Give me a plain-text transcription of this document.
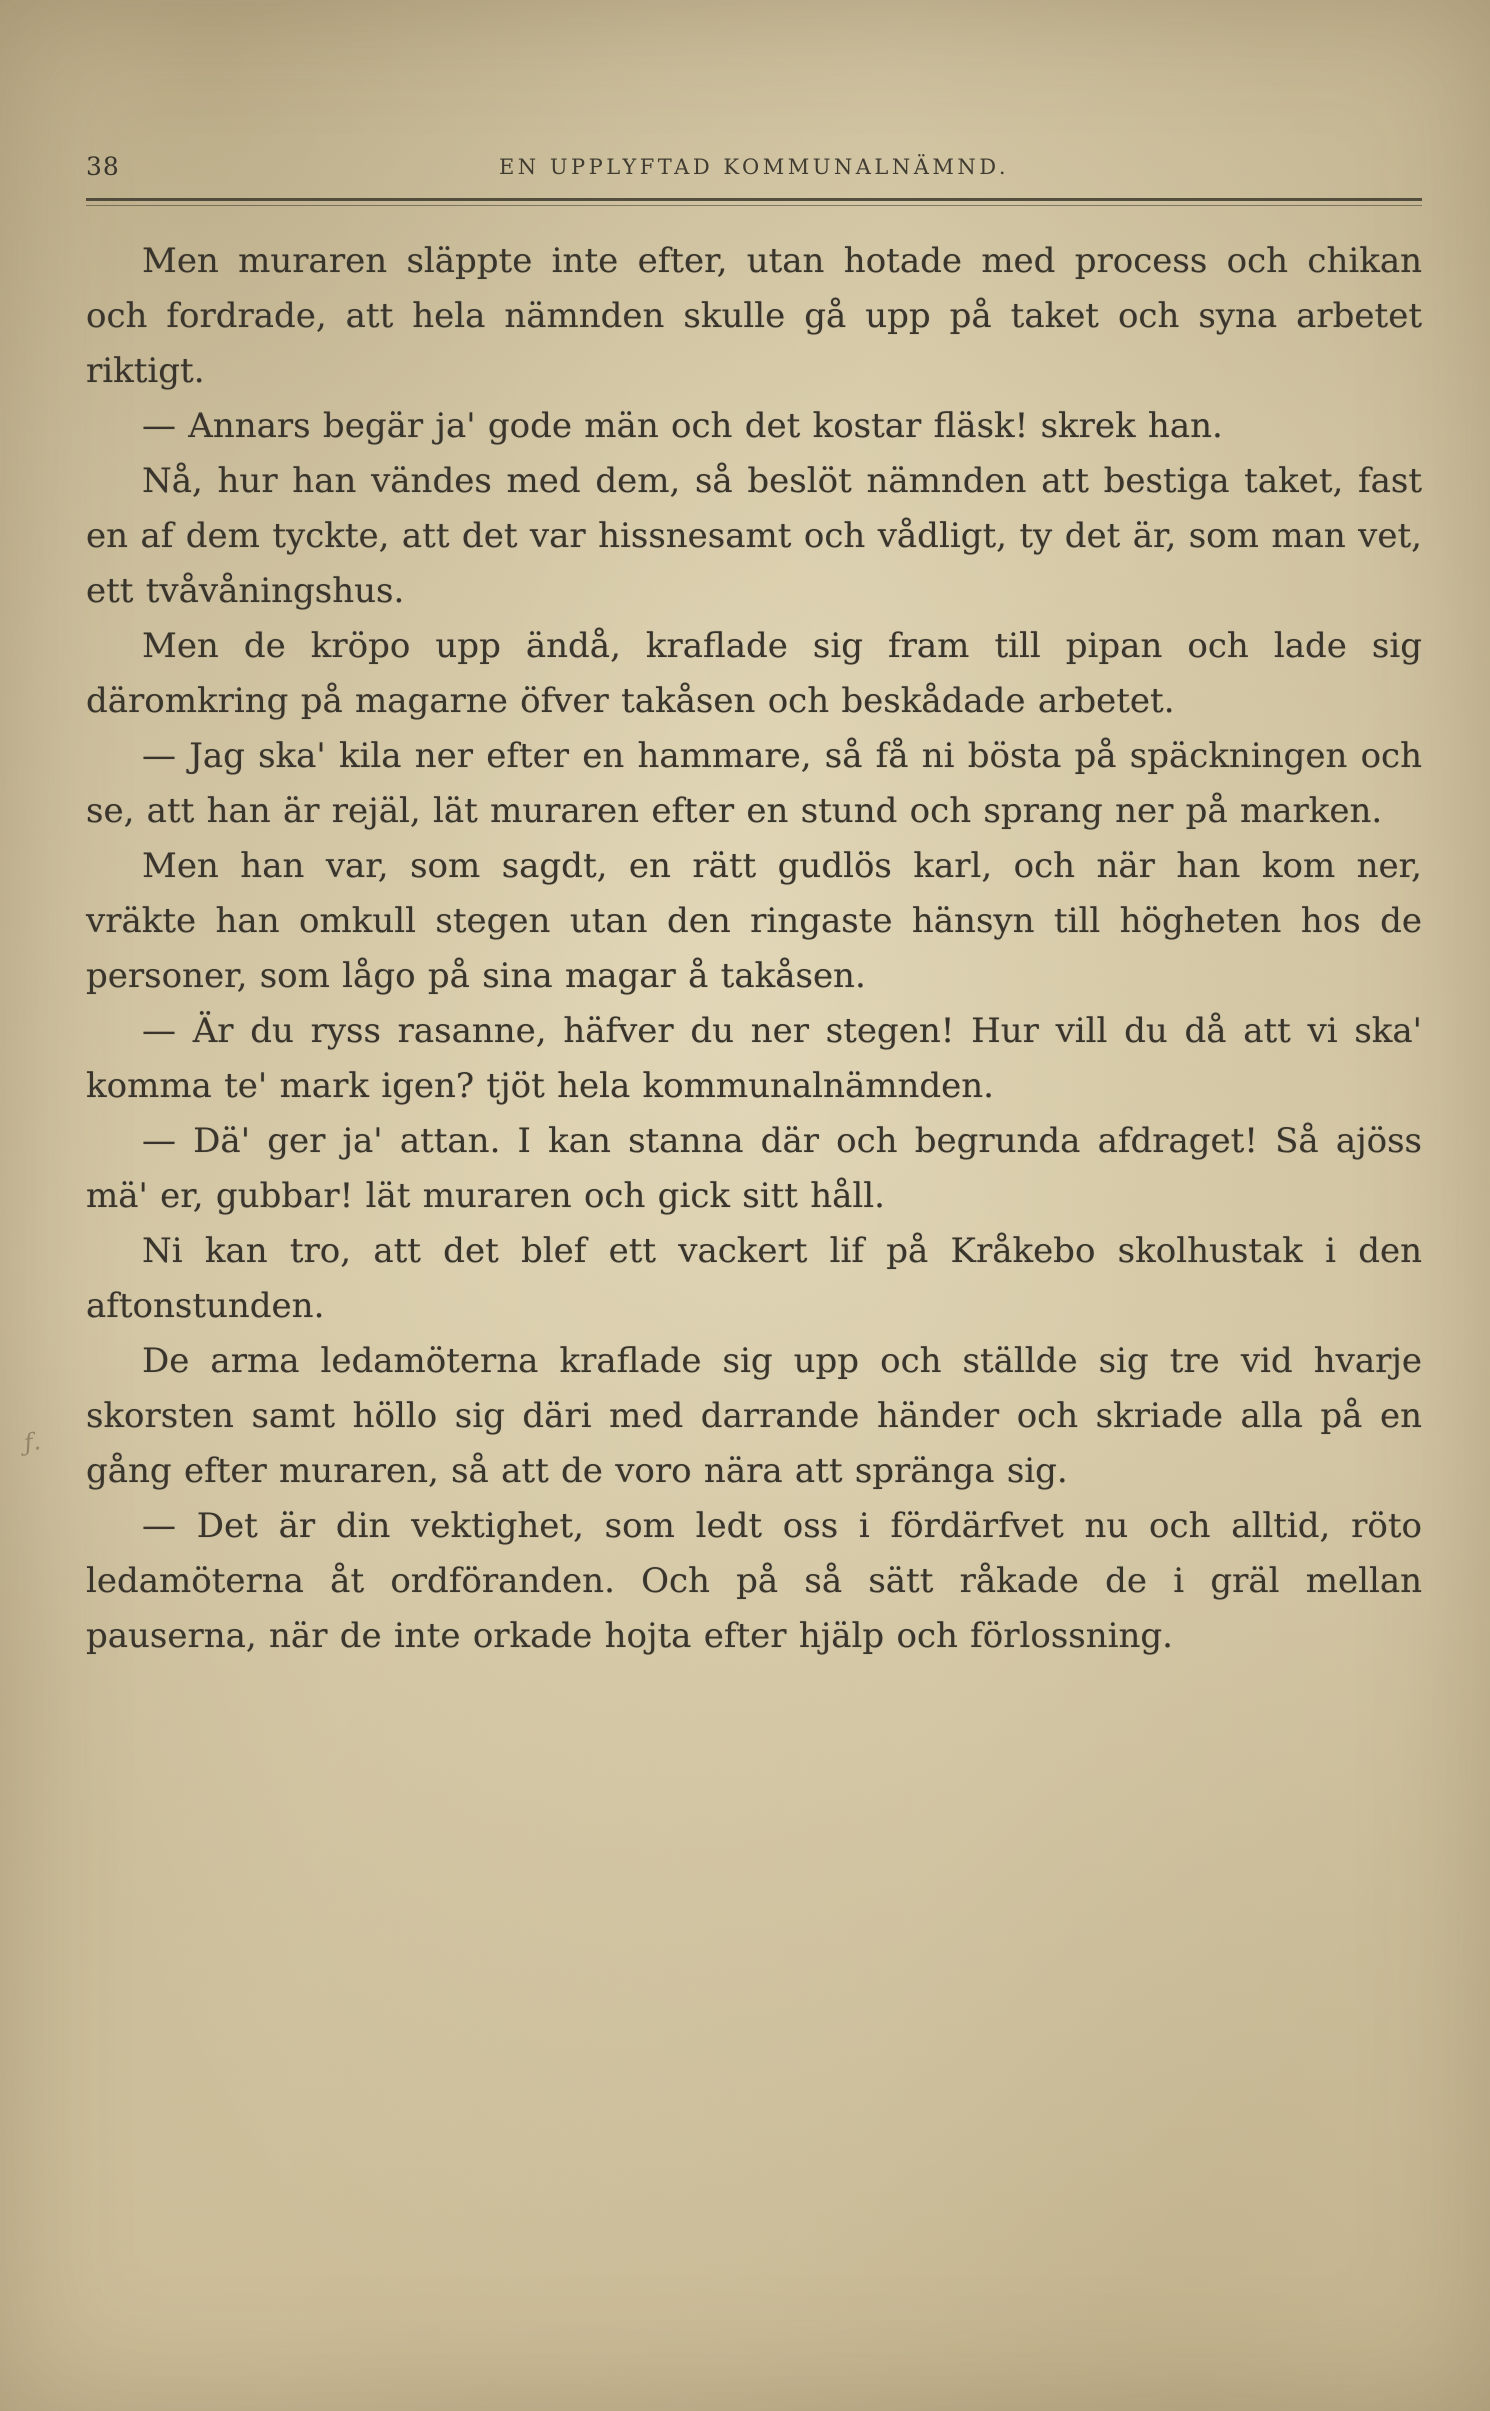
ƒ.
38	EN UPPLYFTAD KOMMUNALNÄMND.

Men muraren släppte inte efter, utan hotade med process och chikan och fordrade, att hela nämnden skulle gå upp på taket och syna arbetet riktigt.

— Annars begär ja' gode män och det kostar fläsk! skrek han.

Nå, hur han vändes med dem, så beslöt nämnden att bestiga taket, fast en af dem tyckte, att det var hissnesamt och vådligt, ty det är, som man vet, ett tvåvåningshus.

Men de kröpo upp ändå, kraflade sig fram till pipan och lade sig däromkring på magarne öfver takåsen och beskådade arbetet.

— Jag ska' kila ner efter en hammare, så få ni bösta på späckningen och se, att han är rejäl, lät muraren efter en stund och sprang ner på marken.

Men han var, som sagdt, en rätt gudlös karl, och när han kom ner, vräkte han omkull stegen utan den ringaste hänsyn till högheten hos de personer, som lågo på sina magar å takåsen.

— Är du ryss rasanne, häfver du ner stegen! Hur vill du då att vi ska' komma te' mark igen? tjöt hela kommunalnämnden.

— Dä' ger ja' attan. I kan stanna där och begrunda afdraget! Så ajöss mä' er, gubbar! lät muraren och gick sitt håll.

Ni kan tro, att det blef ett vackert lif på Kråkebo skolhustak i den aftonstunden.

De arma ledamöterna kraflade sig upp och ställde sig tre vid hvarje skorsten samt höllo sig däri med darrande händer och skriade alla på en gång efter muraren, så att de voro nära att spränga sig.

— Det är din vektighet, som ledt oss i fördärfvet nu och alltid, röto ledamöterna åt ordföranden. Och på så sätt råkade de i gräl mellan pauserna, när de inte orkade hojta efter hjälp och förlossning.
